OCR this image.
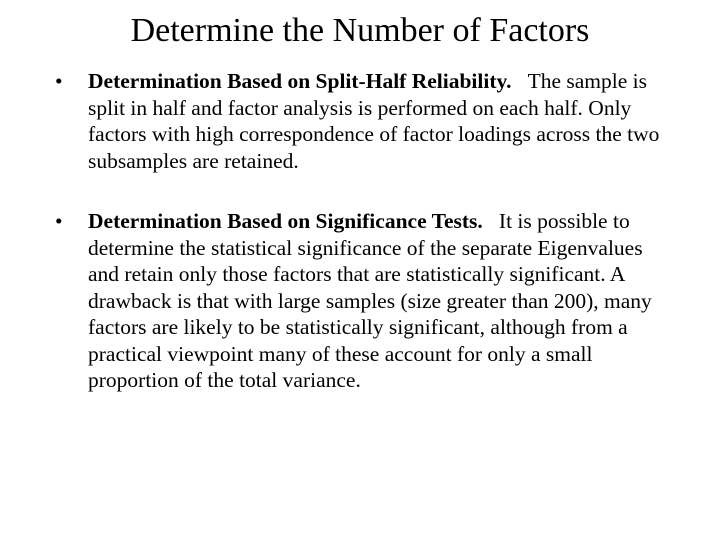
Determine the Number of Factors
• Determination Based on Split-Half Reliability. The sample is split in half and factor analysis is performed on each half. Only factors with high correspondence of factor loadings across the two subsamples are retained.
• Determination Based on Significance Tests. It is possible to determine the statistical significance of the separate Eigenvalues and retain only those factors that are statistically significant. A drawback is that with large samples (size greater than 200), many factors are likely to be statistically significant, although from a practical viewpoint many of these account for only a small proportion of the total variance.
